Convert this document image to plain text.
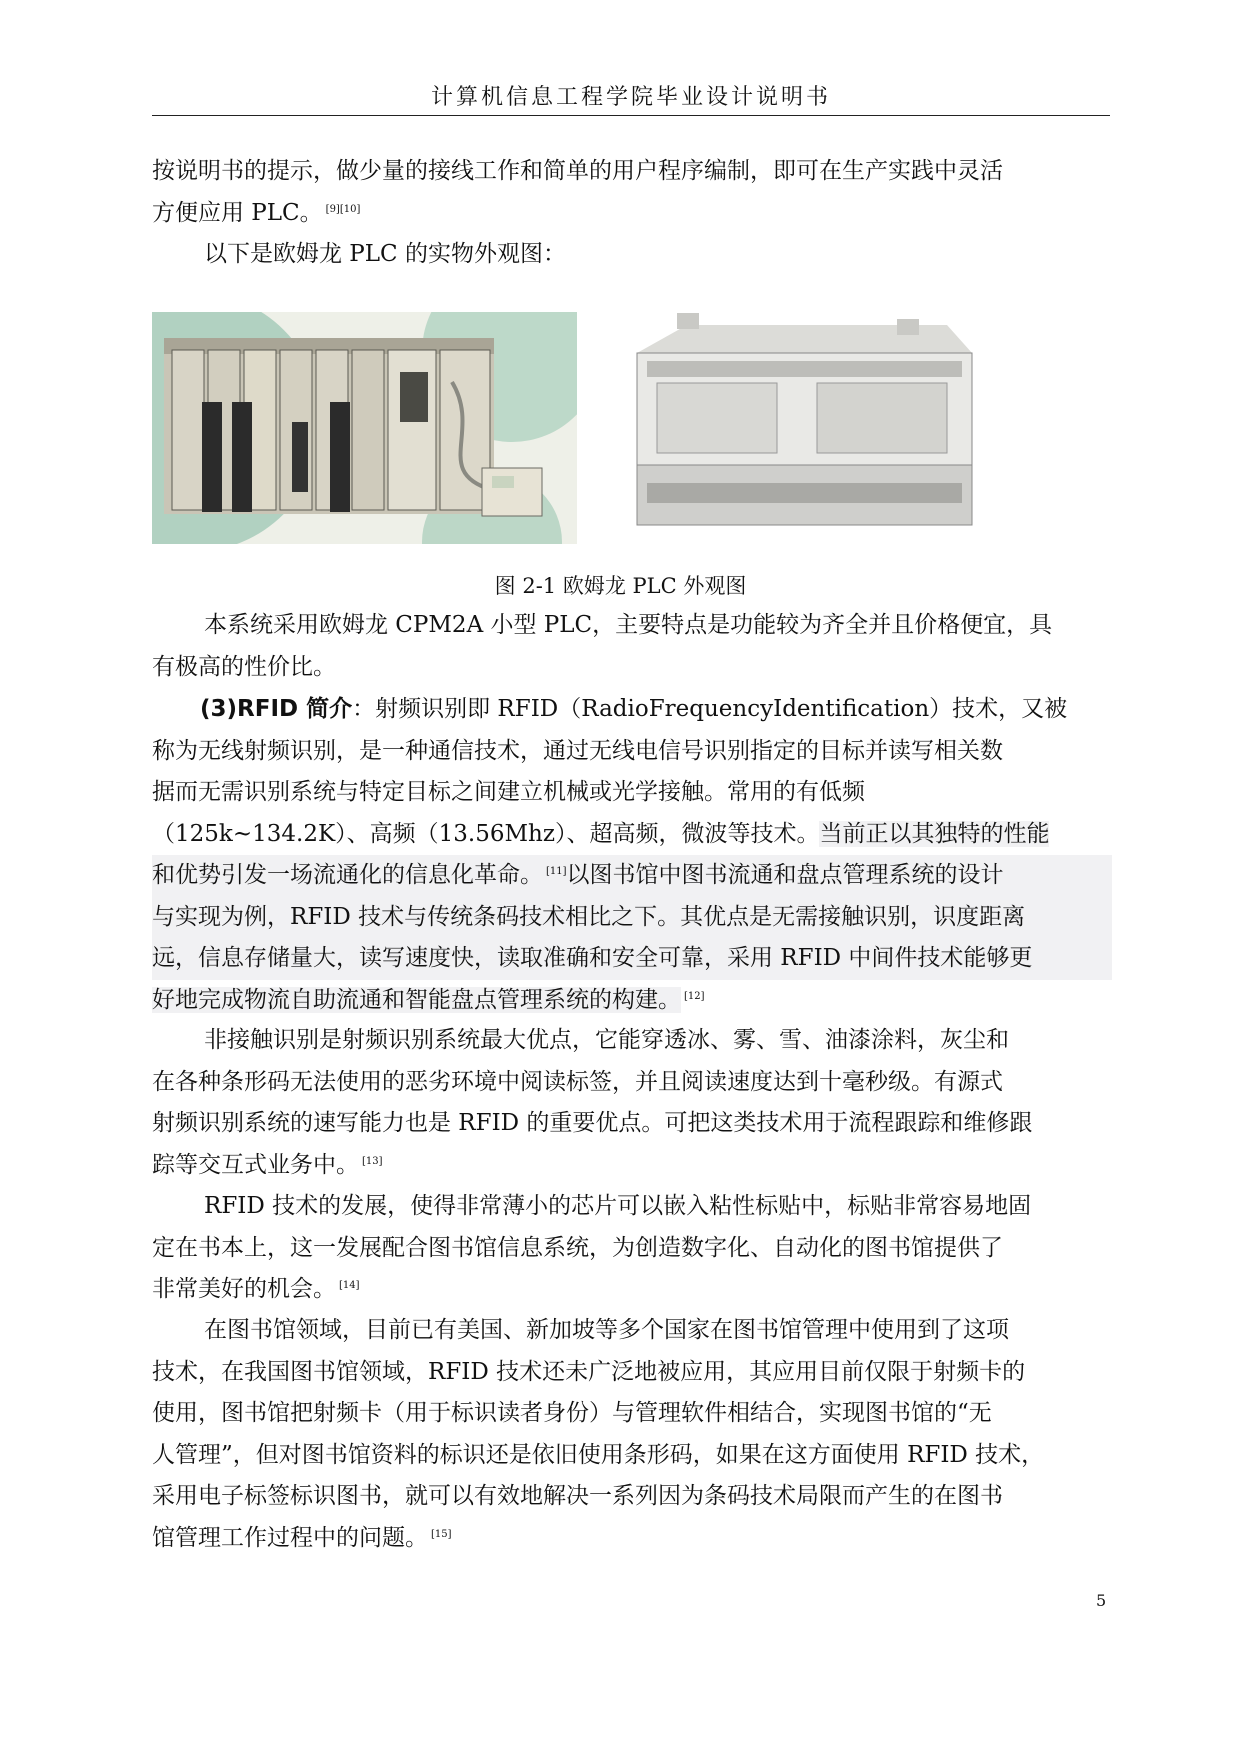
计算机信息工程学院毕业设计说明书

按说明书的提示，做少量的接线工作和简单的用户程序编制，即可在生产实践中灵活
方便应用 PLC。 [9][10]

以下是欧姆龙 PLC 的实物外观图：

图 2-1 欧姆龙 PLC 外观图

本系统采用欧姆龙 CPM2A 小型 PLC，主要特点是功能较为齐全并且价格便宜，具
有极高的性价比。

(3)RFID 简介：射频识别即 RFID（RadioFrequencyIdentification）技术，又被
称为无线射频识别，是一种通信技术，通过无线电信号识别指定的目标并读写相关数
据而无需识别系统与特定目标之间建立机械或光学接触。常用的有低频
（125k~134.2K）、高频（13.56Mhz）、超高频，微波等技术。当前正以其独特的性能
和优势引发一场流通化的信息化革命。 [11]以图书馆中图书流通和盘点管理系统的设计
与实现为例，RFID 技术与传统条码技术相比之下。其优点是无需接触识别，识度距离
远，信息存储量大，读写速度快，读取准确和安全可靠，采用 RFID 中间件技术能够更
好地完成物流自助流通和智能盘点管理系统的构建。 [12]

非接触识别是射频识别系统最大优点，它能穿透冰、雾、雪、油漆涂料，灰尘和
在各种条形码无法使用的恶劣环境中阅读标签，并且阅读速度达到十毫秒级。有源式
射频识别系统的速写能力也是 RFID 的重要优点。可把这类技术用于流程跟踪和维修跟
踪等交互式业务中。 [13]

RFID 技术的发展，使得非常薄小的芯片可以嵌入粘性标贴中，标贴非常容易地固
定在书本上，这一发展配合图书馆信息系统，为创造数字化、自动化的图书馆提供了
非常美好的机会。 [14]

在图书馆领域，目前已有美国、新加坡等多个国家在图书馆管理中使用到了这项
技术，在我国图书馆领域，RFID 技术还未广泛地被应用，其应用目前仅限于射频卡的
使用，图书馆把射频卡（用于标识读者身份）与管理软件相结合，实现图书馆的“无
人管理”，但对图书馆资料的标识还是依旧使用条形码，如果在这方面使用 RFID 技术，
采用电子标签标识图书，就可以有效地解决一系列因为条码技术局限而产生的在图书
馆管理工作过程中的问题。 [15]

5
